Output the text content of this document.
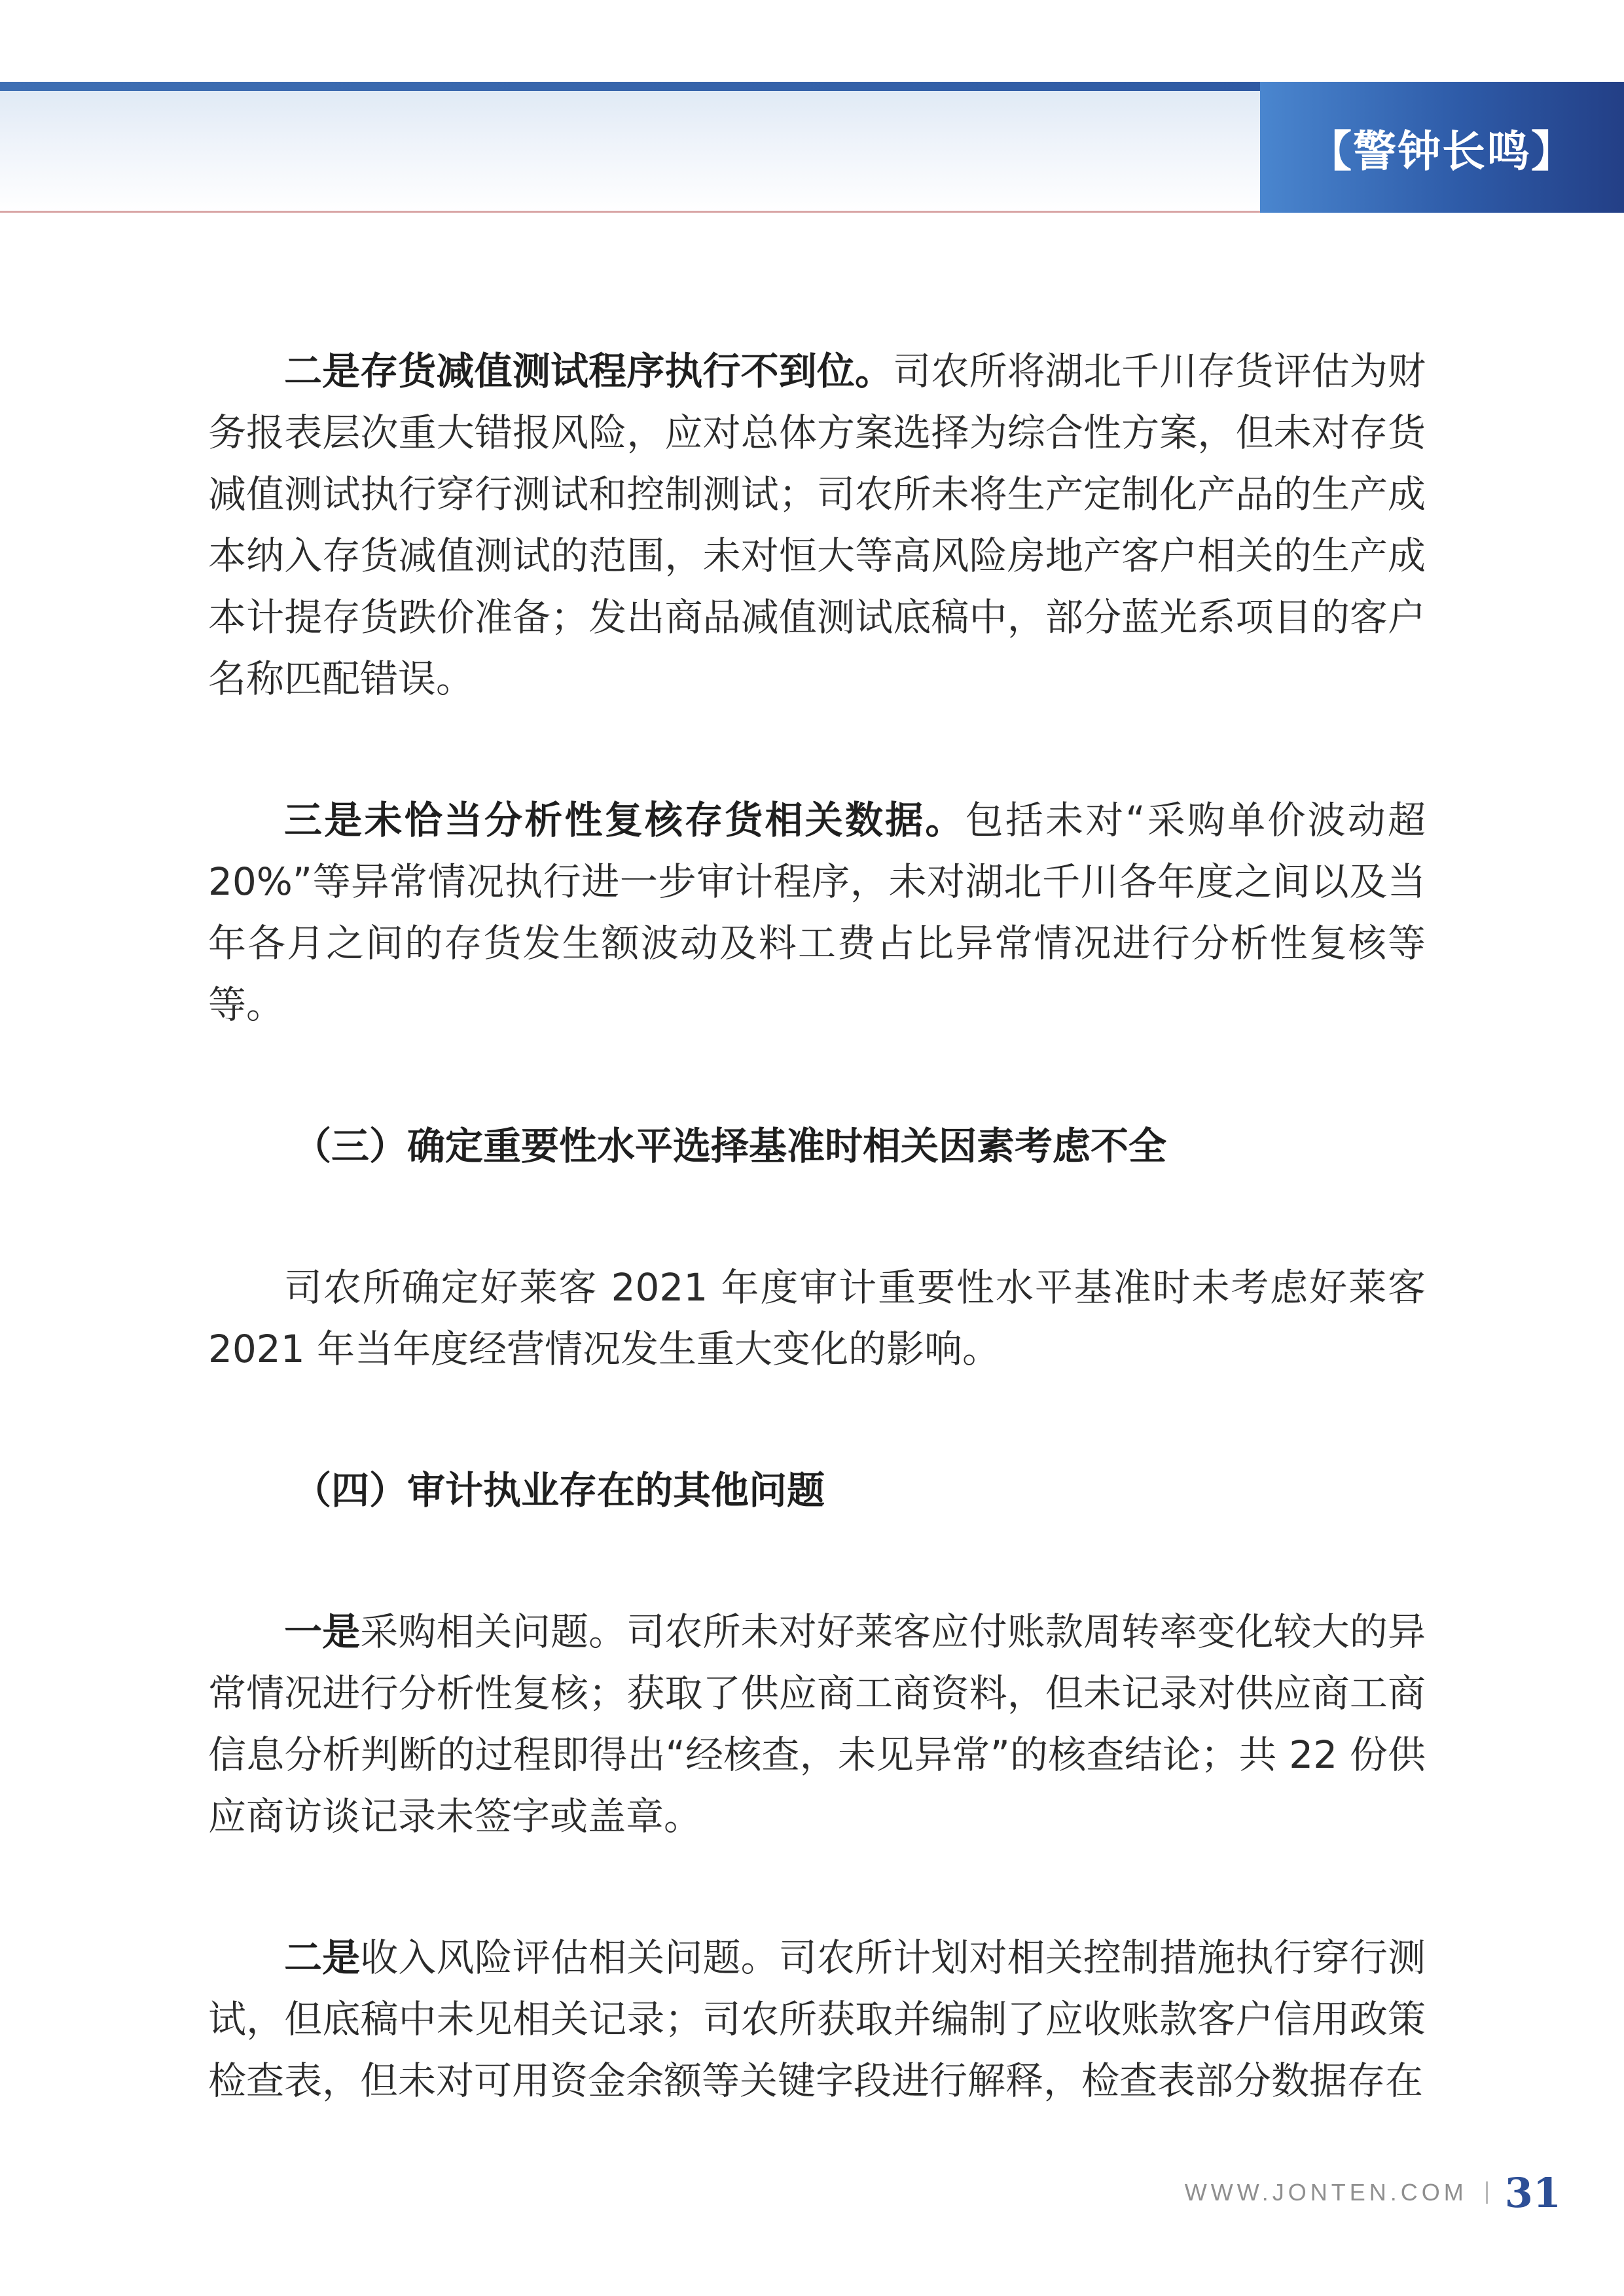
【警钟长鸣】

二是存货减值测试程序执行不到位。司农所将湖北千川存货评估为财务报表层次重大错报风险，应对总体方案选择为综合性方案，但未对存货减值测试执行穿行测试和控制测试；司农所未将生产定制化产品的生产成本纳入存货减值测试的范围，未对恒大等高风险房地产客户相关的生产成本计提存货跌价准备；发出商品减值测试底稿中，部分蓝光系项目的客户名称匹配错误。

三是未恰当分析性复核存货相关数据。包括未对“采购单价波动超20%”等异常情况执行进一步审计程序，未对湖北千川各年度之间以及当年各月之间的存货发生额波动及料工费占比异常情况进行分析性复核等等。

（三）确定重要性水平选择基准时相关因素考虑不全

司农所确定好莱客 2021 年度审计重要性水平基准时未考虑好莱客 2021 年当年度经营情况发生重大变化的影响。

（四）审计执业存在的其他问题

一是采购相关问题。司农所未对好莱客应付账款周转率变化较大的异常情况进行分析性复核；获取了供应商工商资料，但未记录对供应商工商信息分析判断的过程即得出“经核查，未见异常”的核查结论；共 22 份供应商访谈记录未签字或盖章。

二是收入风险评估相关问题。司农所计划对相关控制措施执行穿行测试，但底稿中未见相关记录；司农所获取并编制了应收账款客户信用政策检查表，但未对可用资金余额等关键字段进行解释，检查表部分数据存在

WWW.JONTEN.COM 31
